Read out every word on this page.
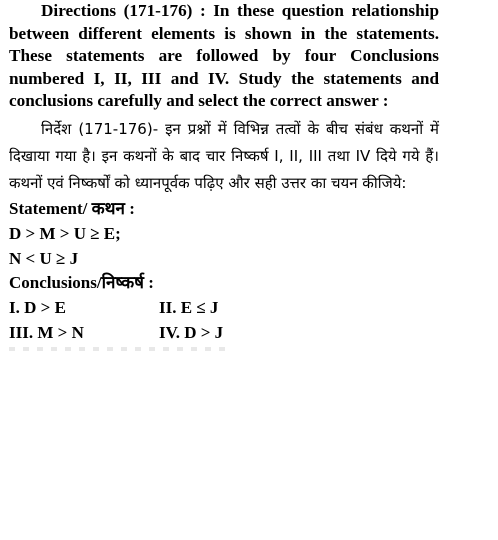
Directions (171-176) : In these question relationship between different elements is shown in the statements. These statements are followed by four Conclusions numbered I, II, III and IV. Study the statements and conclusions carefully and select the correct answer :

निर्देश (171-176)- इन प्रश्नों में विभिन्न तत्वों के बीच संबंध कथनों में दिखाया गया है। इन कथनों के बाद चार निष्कर्ष I, II, III तथा IV दिये गये हैं। कथनों एवं निष्कर्षों को ध्यानपूर्वक पढ़िए और सही उत्तर का चयन कीजिये:

Statement/ कथन :

D > M > U ≥ E;

N < U ≥ J

Conclusions/निष्कर्ष :

I. D > E	II. E ≤ J
III. M > N	IV. D > J
